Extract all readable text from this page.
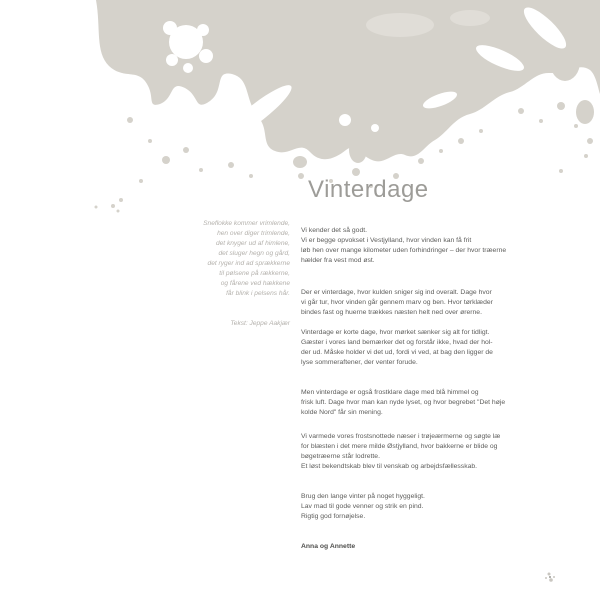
Vinterdage
Sneflokke kommer vrimlende,
hen over diger trimlende,
det knyger ud af himlene,
det sluger hegn og gård,
det ryger ind ad sprækkerne
til pølsene på rækkerne,
og fårene ved hækkene
får blink i pelsens hår.
Tekst: Jeppe Aakjær

Vi kender det så godt.
Vi er begge opvokset i Vestjylland, hvor vinden kan få frit
løb hen over mange kilometer uden forhindringer – der hvor træerne
hælder fra vest mod øst.

Der er vinterdage, hvor kulden sniger sig ind overalt. Dage hvor
vi går tur, hvor vinden går gennem marv og ben. Hvor tørklæder
bindes fast og huerne trækkes næsten helt ned over ørerne.

Vinterdage er korte dage, hvor mørket sænker sig alt for tidligt.
Gæster i vores land bemærker det og forstår ikke, hvad der hol-
der ud. Måske holder vi det ud, fordi vi ved, at bag den ligger de
lyse sommeraftener, der venter forude.

Men vinterdage er også frostklare dage med blå himmel og
frisk luft. Dage hvor man kan nyde lyset, og hvor begrebet "Det høje
kolde Nord" får sin mening.

Vi varmede vores frostsnottede næser i trøjeærmerne og søgte læ
for blæsten i det mere milde Østjylland, hvor bakkerne er blide og
bøgetræerne står lodrette.
Et løst bekendtskab blev til venskab og arbejdsfællesskab.

Brug den lange vinter på noget hyggeligt.
Lav mad til gode venner og strik en pind.
Rigtig god fornøjelse.

Anna og Annette
